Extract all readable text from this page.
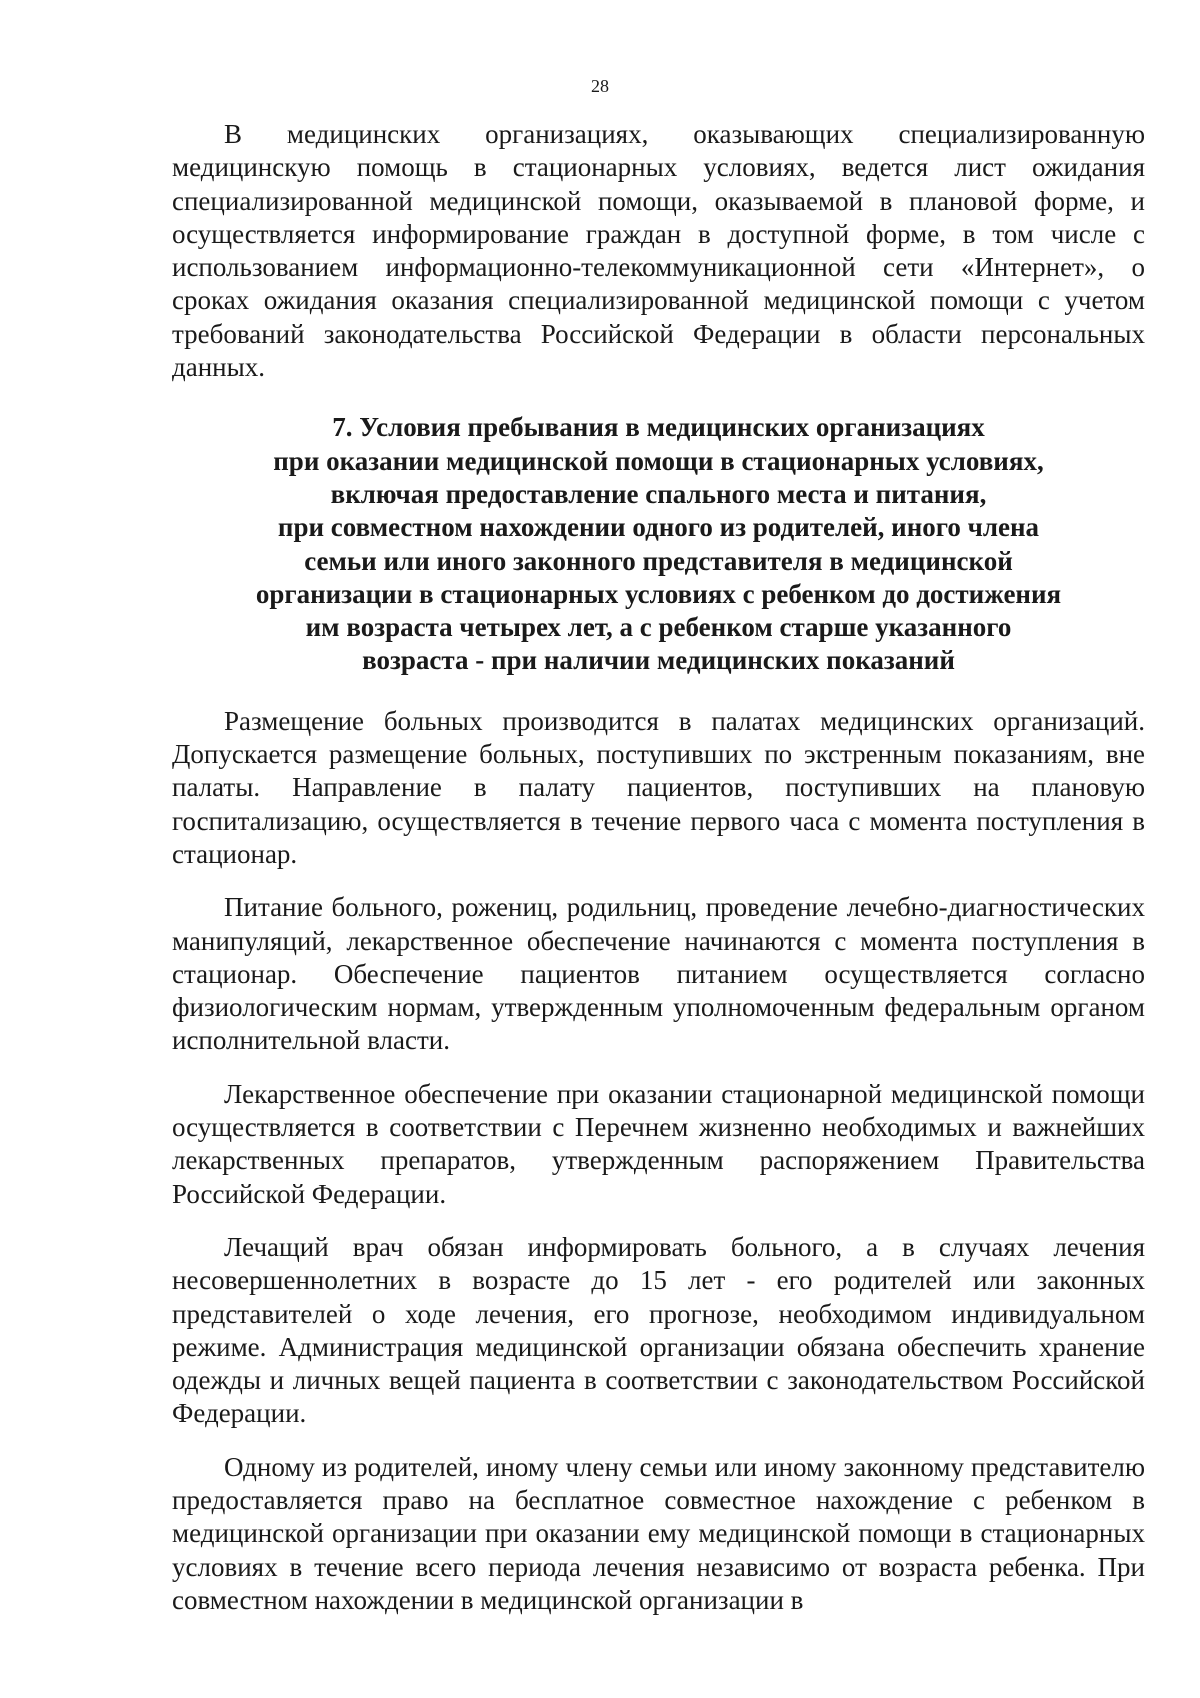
28

В медицинских организациях, оказывающих специализированную медицинскую помощь в стационарных условиях, ведется лист ожидания специализированной медицинской помощи, оказываемой в плановой форме, и осуществляется информирование граждан в доступной форме, в том числе с использованием информационно-телекоммуникационной сети «Интернет», о сроках ожидания оказания специализированной медицинской помощи с учетом требований законодательства Российской Федерации в области персональных данных.

7. Условия пребывания в медицинских организациях
при оказании медицинской помощи в стационарных условиях,
включая предоставление спального места и питания,
при совместном нахождении одного из родителей, иного члена
семьи или иного законного представителя в медицинской
организации в стационарных условиях с ребенком до достижения
им возраста четырех лет, а с ребенком старше указанного
возраста - при наличии медицинских показаний

Размещение больных производится в палатах медицинских организаций. Допускается размещение больных, поступивших по экстренным показаниям, вне палаты. Направление в палату пациентов, поступивших на плановую госпитализацию, осуществляется в течение первого часа с момента поступления в стационар.

Питание больного, рожениц, родильниц, проведение лечебно-диагностических манипуляций, лекарственное обеспечение начинаются с момента поступления в стационар. Обеспечение пациентов питанием осуществляется согласно физиологическим нормам, утвержденным уполномоченным федеральным органом исполнительной власти.

Лекарственное обеспечение при оказании стационарной медицинской помощи осуществляется в соответствии с Перечнем жизненно необходимых и важнейших лекарственных препаратов, утвержденным распоряжением Правительства Российской Федерации.

Лечащий врач обязан информировать больного, а в случаях лечения несовершеннолетних в возрасте до 15 лет - его родителей или законных представителей о ходе лечения, его прогнозе, необходимом индивидуальном режиме. Администрация медицинской организации обязана обеспечить хранение одежды и личных вещей пациента в соответствии с законодательством Российской Федерации.

Одному из родителей, иному члену семьи или иному законному представителю предоставляется право на бесплатное совместное нахождение с ребенком в медицинской организации при оказании ему медицинской помощи в стационарных условиях в течение всего периода лечения независимо от возраста ребенка. При совместном нахождении в медицинской организации в
